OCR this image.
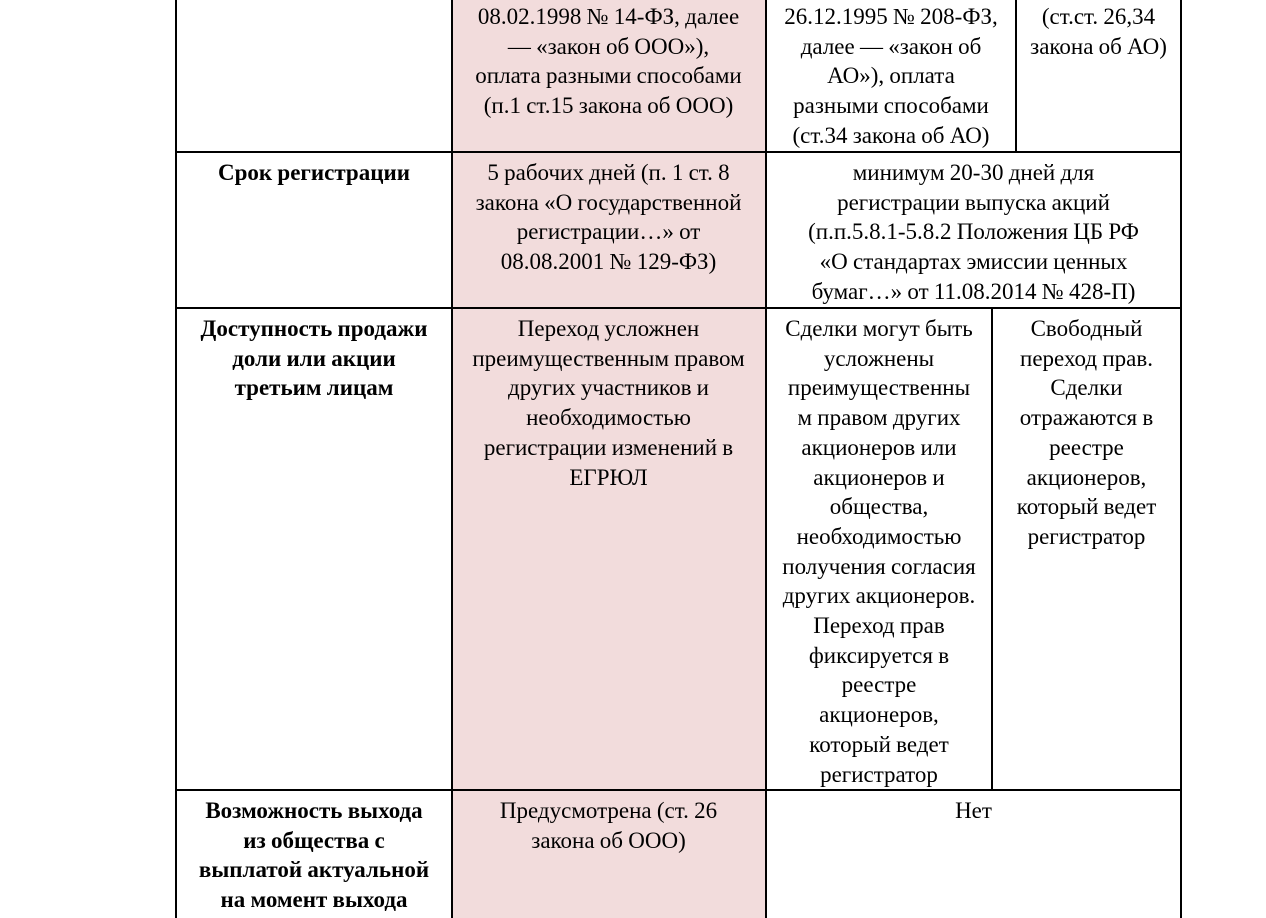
08.02.1998 № 14-ФЗ, далее
— «закон об ООО»),
оплата разными способами
(п.1 ст.15 закона об ООО)
26.12.1995 № 208-ФЗ,
далее — «закон об
АО»), оплата
разными способами
(ст.34 закона об АО)
(ст.ст. 26,34
закона об АО)
Срок регистрации	5 рабочих дней (п. 1 ст. 8
закона «О государственной
регистрации…» от
08.08.2001 № 129-ФЗ)
минимум 20-30 дней для
регистрации выпуска акций
(п.п.5.8.1-5.8.2 Положения ЦБ РФ
«О стандартах эмиссии ценных
бумаг…» от 11.08.2014 № 428-П)
Доступность продажи
доли или акции
третьим лицам
Переход усложнен
преимущественным правом
других участников и
необходимостью
регистрации изменений в
ЕГРЮЛ
Сделки могут быть
усложнены
преимущественны
м правом других
акционеров или
акционеров и
общества,
необходимостью
получения согласия
других акционеров.
Переход прав
фиксируется в
реестре
акционеров,
который ведет
регистратор
Свободный
переход прав.
Сделки
отражаются в
реестре
акционеров,
который ведет
регистратор
Возможность выхода
из общества с
выплатой актуальной
на момент выхода
Предусмотрена (ст. 26
закона об ООО)
Нет
